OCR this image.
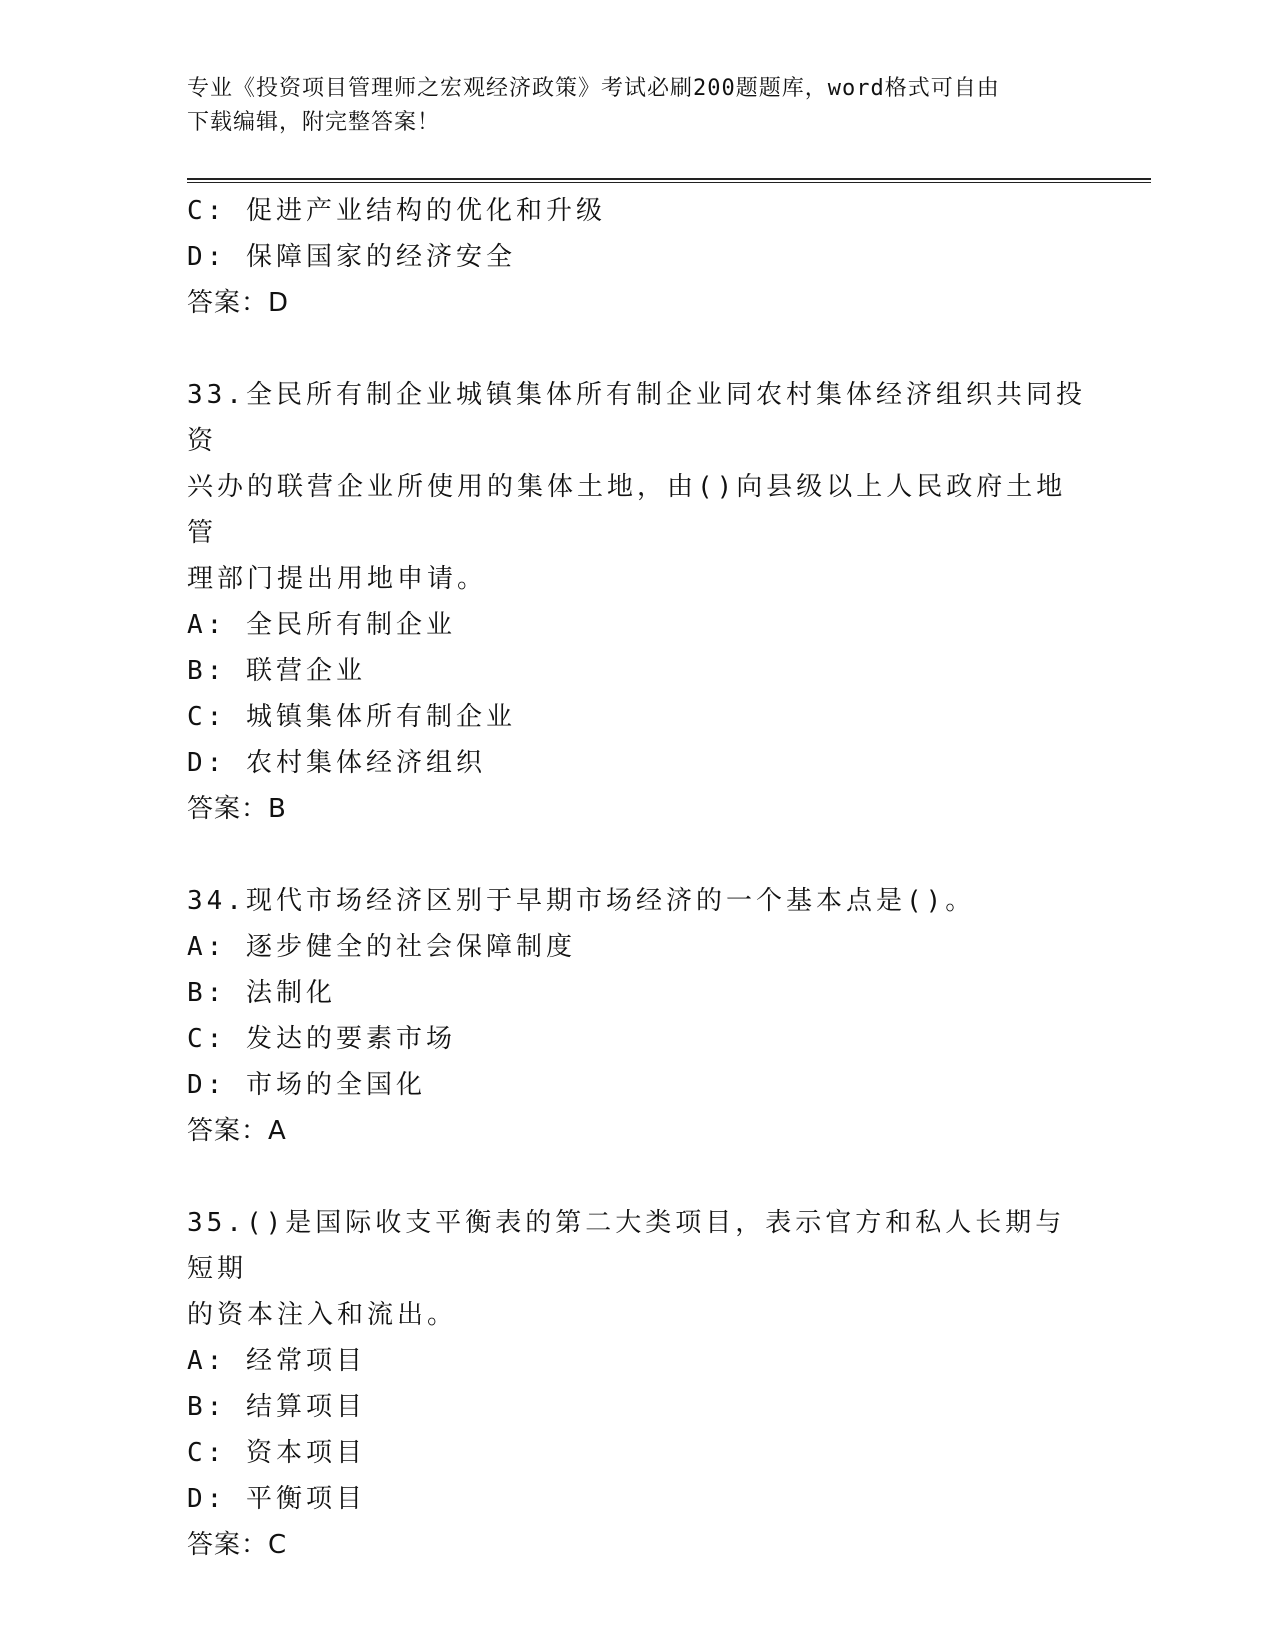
专业《投资项目管理师之宏观经济政策》考试必刷200题题库，word格式可自由
下载编辑，附完整答案！
C: 促进产业结构的优化和升级
D: 保障国家的经济安全
答案：D
33.全民所有制企业城镇集体所有制企业同农村集体经济组织共同投资
兴办的联营企业所使用的集体土地，由()向县级以上人民政府土地管
理部门提出用地申请。
A: 全民所有制企业
B: 联营企业
C: 城镇集体所有制企业
D: 农村集体经济组织
答案：B
34.现代市场经济区别于早期市场经济的一个基本点是()。
A: 逐步健全的社会保障制度
B: 法制化
C: 发达的要素市场
D: 市场的全国化
答案：A
35.()是国际收支平衡表的第二大类项目，表示官方和私人长期与短期
的资本注入和流出。
A: 经常项目
B: 结算项目
C: 资本项目
D: 平衡项目
答案：C
